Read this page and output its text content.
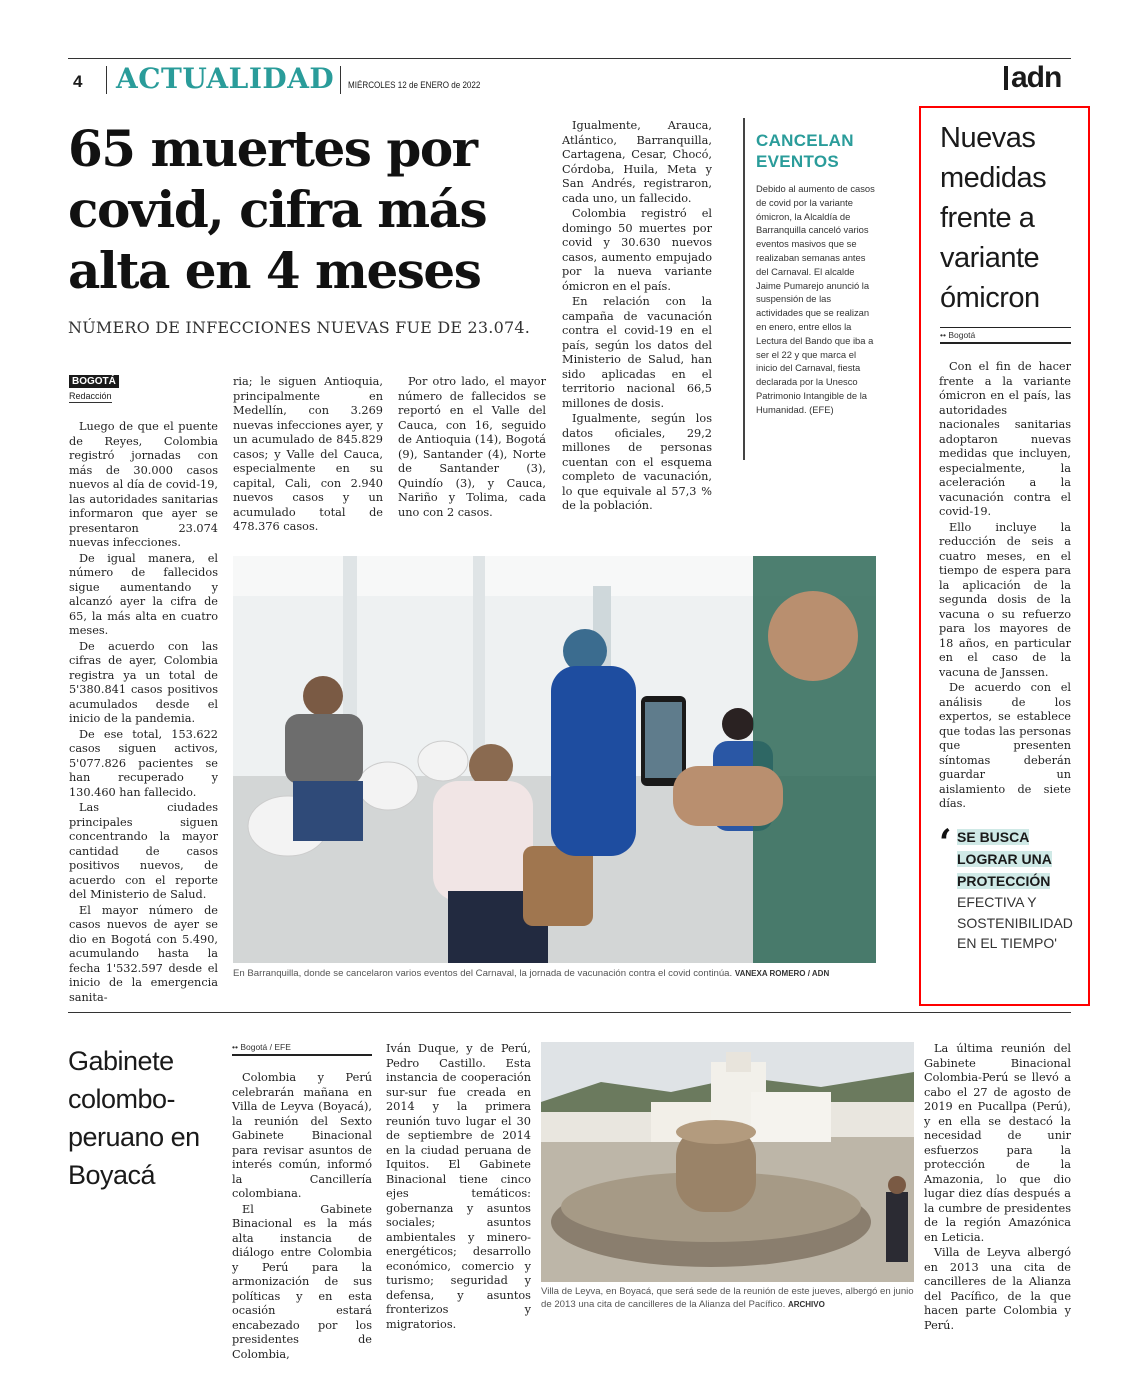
4 ACTUALIDAD MIÉRCOLES 12 de ENERO de 2022	adn
65 muertes por covid, cifra más alta en 4 meses
NÚMERO DE INFECCIONES NUEVAS FUE DE 23.074.
BOGOTÁ
Redacción

Luego de que el puente de Reyes, Colombia registró jornadas con más de 30.000 casos nuevos al día de covid-19, las autoridades sanitarias informaron que ayer se presentaron 23.074 nuevas infecciones.

De igual manera, el número de fallecidos sigue aumentando y alcanzó ayer la cifra de 65, la más alta en cuatro meses.

De acuerdo con las cifras de ayer, Colombia registra ya un total de 5'380.841 casos positivos acumulados desde el inicio de la pandemia.

De ese total, 153.622 casos siguen activos, 5'077.826 pacientes se han recuperado y 130.460 han fallecido.

Las ciudades principales siguen concentrando la mayor cantidad de casos positivos nuevos, de acuerdo con el reporte del Ministerio de Salud.

El mayor número de casos nuevos de ayer se dio en Bogotá con 5.490, acumulando hasta la fecha 1'532.597 desde el inicio de la emergencia sanita-

ria; le siguen Antioquia, principalmente en Medellín, con 3.269 nuevas infecciones ayer, y un acumulado de 845.829 casos; y Valle del Cauca, especialmente en su capital, Cali, con 2.940 nuevos casos y un acumulado total de 478.376 casos.

Por otro lado, el mayor número de fallecidos se reportó en el Valle del Cauca, con 16, seguido de Antioquia (14), Bogotá (9), Santander (4), Norte de Santander (3), Quindío (3), y Cauca, Nariño y Tolima, cada uno con 2 casos.

Igualmente, Arauca, Atlántico, Barranquilla, Cartagena, Cesar, Chocó, Córdoba, Huila, Meta y San Andrés, registraron, cada uno, un fallecido.

Colombia registró el domingo 50 muertes por covid y 30.630 nuevos casos, aumento empujado por la nueva variante ómicron en el país.

En relación con la campaña de vacunación contra el covid-19 en el país, según los datos del Ministerio de Salud, han sido aplicadas en el territorio nacional 66,5 millones de dosis.

Igualmente, según los datos oficiales, 29,2 millones de personas cuentan con el esquema completo de vacunación, lo que equivale al 57,3 % de la población.

CANCELAN EVENTOS
Debido al aumento de casos de covid por la variante ómicron, la Alcaldía de Barranquilla canceló varios eventos masivos que se realizaban semanas antes del Carnaval. El alcalde Jaime Pumarejo anunció la suspensión de las actividades que se realizan en enero, entre ellos la Lectura del Bando que iba a ser el 22 y que marca el inicio del Carnaval, fiesta declarada por la Unesco Patrimonio Intangible de la Humanidad. (EFE)
En Barranquilla, donde se cancelaron varios eventos del Carnaval, la jornada de vacunación contra el covid continúa. VANEXA ROMERO / ADN
Nuevas medidas frente a variante ómicron
•• Bogotá

Con el fin de hacer frente a la variante ómicron en el país, las autoridades nacionales sanitarias adoptaron nuevas medidas que incluyen, especialmente, la aceleración a la vacunación contra el covid-19.

Ello incluye la reducción de seis a cuatro meses, en el tiempo de espera para la aplicación de la segunda dosis de la vacuna o su refuerzo para los mayores de 18 años, en particular en el caso de la vacuna de Janssen.

De acuerdo con el análisis de los expertos, se establece que todas las personas que presenten síntomas deberán guardar un aislamiento de siete días.

‘ SE BUSCA LOGRAR UNA PROTECCIÓN
EFECTIVA Y SOSTENIBILIDAD EN EL TIEMPO'
Gabinete colombo-peruano en Boyacá
•• Bogotá / EFE

Colombia y Perú celebrarán mañana en Villa de Leyva (Boyacá), la reunión del Sexto Gabinete Binacional para revisar asuntos de interés común, informó la Cancillería colombiana.

El Gabinete Binacional es la más alta instancia de diálogo entre Colombia y Perú para la armonización de sus políticas y en esta ocasión estará encabezado por los presidentes de Colombia,

Iván Duque, y de Perú, Pedro Castillo. Esta instancia de cooperación sur-sur fue creada en 2014 y la primera reunión tuvo lugar el 30 de septiembre de 2014 en la ciudad peruana de Iquitos. El Gabinete Binacional tiene cinco ejes temáticos: gobernanza y asuntos sociales; asuntos ambientales y minero-energéticos; desarrollo económico, comercio y turismo; seguridad y defensa, y asuntos fronterizos y migratorios.

Villa de Leyva, en Boyacá, que será sede de la reunión de este jueves, albergó en junio de 2013 una cita de cancilleres de la Alianza del Pacífico. ARCHIVO

La última reunión del Gabinete Binacional Colombia-Perú se llevó a cabo el 27 de agosto de 2019 en Pucallpa (Perú), y en ella se destacó la necesidad de unir esfuerzos para la protección de la Amazonia, lo que dio lugar diez días después a la cumbre de presidentes de la región Amazónica en Leticia.

Villa de Leyva albergó en 2013 una cita de cancilleres de la Alianza del Pacífico, de la que hacen parte Colombia y Perú.
